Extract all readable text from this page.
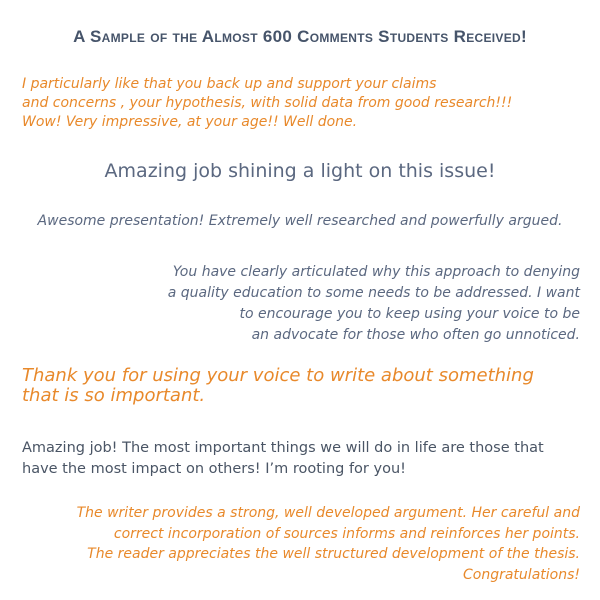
A Sample of the Almost 600 Comments Students Received!
I particularly like that you back up and support your claims
and concerns , your hypothesis, with solid data from good research!!!
Wow! Very impressive, at your age!! Well done.
Amazing job shining a light on this issue!
Awesome presentation! Extremely well researched and powerfully argued.
You have clearly articulated why this approach to denying
a quality education to some needs to be addressed. I want
to encourage you to keep using your voice to be
an advocate for those who often go unnoticed.
Thank you for using your voice to write about something
that is so important.
Amazing job! The most important things we will do in life are those that
have the most impact on others! I’m rooting for you!
The writer provides a strong, well developed argument. Her careful and
correct incorporation of sources informs and reinforces her points.
The reader appreciates the well structured development of the thesis.
Congratulations!
